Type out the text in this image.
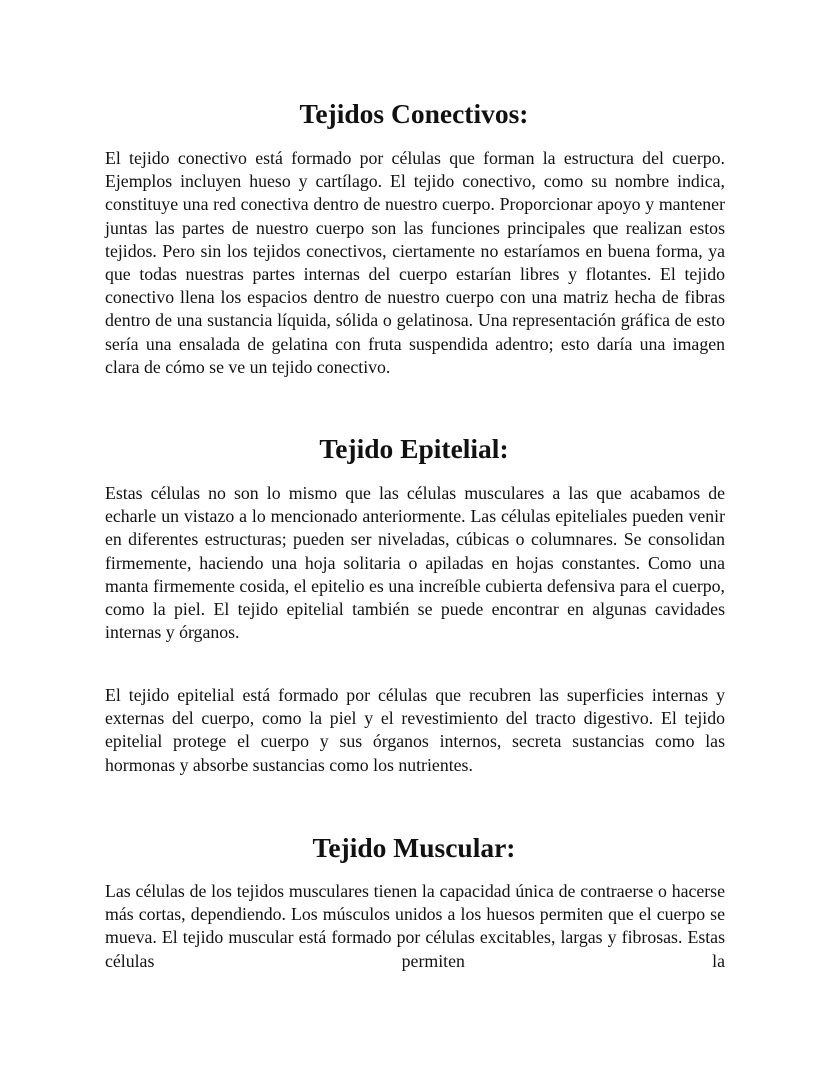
Tejidos Conectivos:

El tejido conectivo está formado por células que forman la estructura del cuerpo. Ejemplos incluyen hueso y cartílago. El tejido conectivo, como su nombre indica, constituye una red conectiva dentro de nuestro cuerpo. Proporcionar apoyo y mantener juntas las partes de nuestro cuerpo son las funciones principales que realizan estos tejidos. Pero sin los tejidos conectivos, ciertamente no estaríamos en buena forma, ya que todas nuestras partes internas del cuerpo estarían libres y flotantes. El tejido conectivo llena los espacios dentro de nuestro cuerpo con una matriz hecha de fibras dentro de una sustancia líquida, sólida o gelatinosa. Una representación gráfica de esto sería una ensalada de gelatina con fruta suspendida adentro; esto daría una imagen clara de cómo se ve un tejido conectivo.

Tejido Epitelial:

Estas células no son lo mismo que las células musculares a las que acabamos de echarle un vistazo a lo mencionado anteriormente. Las células epiteliales pueden venir en diferentes estructuras; pueden ser niveladas, cúbicas o columnares. Se consolidan firmemente, haciendo una hoja solitaria o apiladas en hojas constantes. Como una manta firmemente cosida, el epitelio es una increíble cubierta defensiva para el cuerpo, como la piel. El tejido epitelial también se puede encontrar en algunas cavidades internas y órganos.

El tejido epitelial está formado por células que recubren las superficies internas y externas del cuerpo, como la piel y el revestimiento del tracto digestivo. El tejido epitelial protege el cuerpo y sus órganos internos, secreta sustancias como las hormonas y absorbe sustancias como los nutrientes.

Tejido Muscular:

Las células de los tejidos musculares tienen la capacidad única de contraerse o hacerse más cortas, dependiendo. Los músculos unidos a los huesos permiten que el cuerpo se mueva. El tejido muscular está formado por células excitables, largas y fibrosas. Estas células permiten la
